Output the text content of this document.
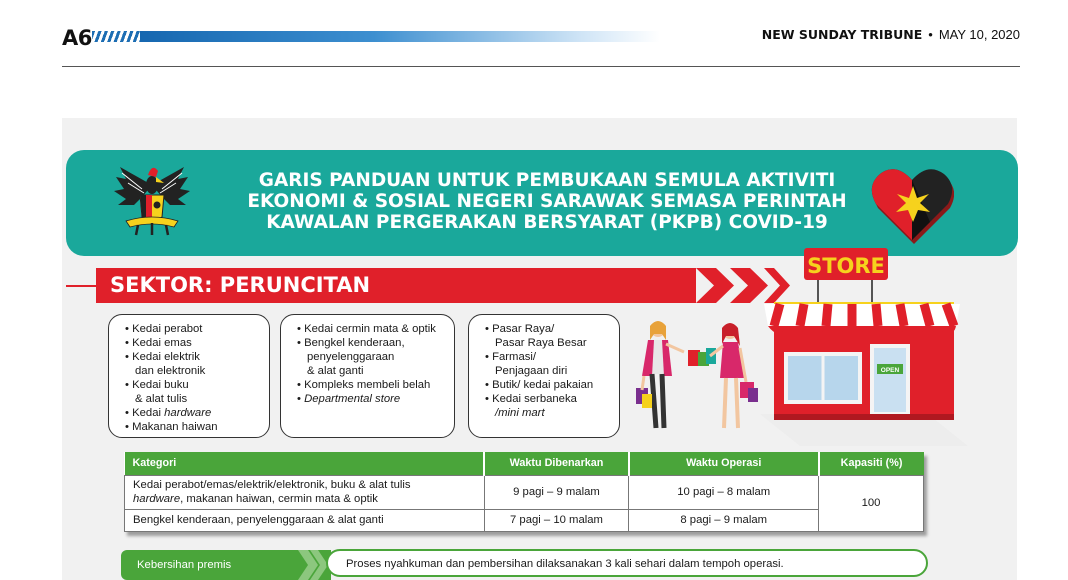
A6	NEW SUNDAY TRIBUNE • MAY 10, 2020
GARIS PANDUAN UNTUK PEMBUKAAN SEMULA AKTIVITI
EKONOMI & SOSIAL NEGERI SARAWAK SEMASA PERINTAH
KAWALAN PERGERAKAN BERSYARAT (PKPB) COVID-19
SEKTOR: PERUNCITAN
• Kedai perabot
• Kedai emas
• Kedai elektrik
dan elektronik
• Kedai buku
& alat tulis
• Kedai hardware
• Makanan haiwan
• Kedai cermin mata & optik
• Bengkel kenderaan,
penyelenggaraan
& alat ganti
• Kompleks membeli belah
• Departmental store
• Pasar Raya/
Pasar Raya Besar
• Farmasi/
Penjagaan diri
• Butik/ kedai pakaian
• Kedai serbaneka
/mini mart
OPEN
STORE
Kategori	Waktu Dibenarkan	Waktu Operasi	Kapasiti (%)
Kedai perabot/emas/elektrik/elektronik, buku & alat tulis
hardware, makanan haiwan, cermin mata & optik	9 pagi – 9 malam	10 pagi – 8 malam	100
Bengkel kenderaan, penyelenggaraan & alat ganti	7 pagi – 10 malam	8 pagi – 9 malam	
Kebersihan premis	Proses nyahkuman dan pembersihan dilaksanakan 3 kali sehari dalam tempoh operasi.
